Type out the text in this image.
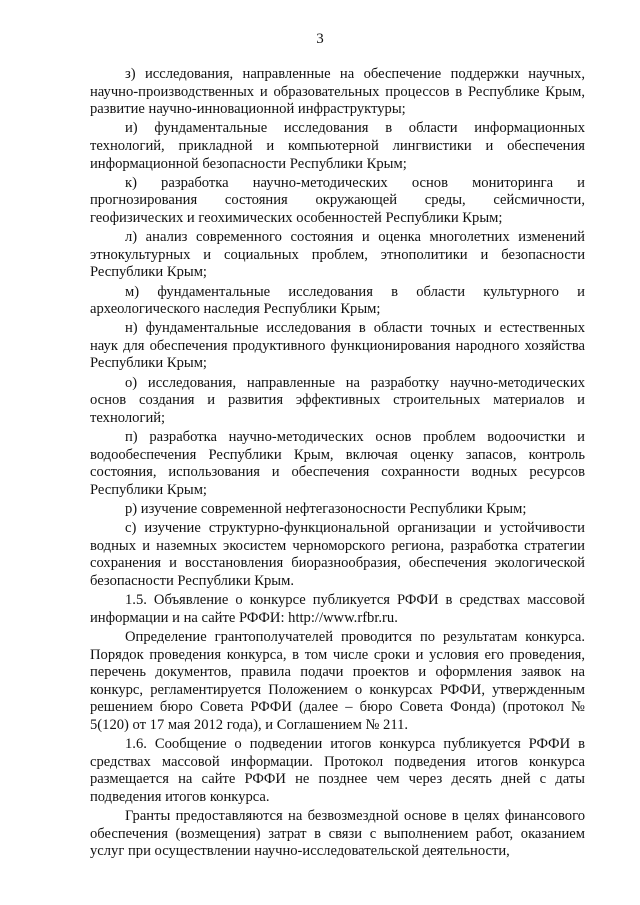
3

з) исследования, направленные на обеспечение поддержки научных, научно-производственных и образовательных процессов в Республике Крым, развитие научно-инновационной инфраструктуры;

и) фундаментальные исследования в области информационных технологий, прикладной и компьютерной лингвистики и обеспечения информационной безопасности Республики Крым;

к) разработка научно-методических основ мониторинга и прогнозирования состояния окружающей среды, сейсмичности, геофизических и геохимических особенностей Республики Крым;

л) анализ современного состояния и оценка многолетних изменений этнокультурных и социальных проблем, этнополитики и безопасности Республики Крым;

м) фундаментальные исследования в области культурного и археологического наследия Республики Крым;

н) фундаментальные исследования в области точных и естественных наук для обеспечения продуктивного функционирования народного хозяйства Республики Крым;

о) исследования, направленные на разработку научно-методических основ создания и развития эффективных строительных материалов и технологий;

п) разработка научно-методических основ проблем водоочистки и водообеспечения Республики Крым, включая оценку запасов, контроль состояния, использования и обеспечения сохранности водных ресурсов Республики Крым;

р) изучение современной нефтегазоносности Республики Крым;

с) изучение структурно-функциональной организации и устойчивости водных и наземных экосистем черноморского региона, разработка стратегии сохранения и восстановления биоразнообразия, обеспечения экологической безопасности Республики Крым.

1.5. Объявление о конкурсе публикуется РФФИ в средствах массовой информации и на сайте РФФИ: http://www.rfbr.ru.

Определение грантополучателей проводится по результатам конкурса. Порядок проведения конкурса, в том числе сроки и условия его проведения, перечень документов, правила подачи проектов и оформления заявок на конкурс, регламентируется Положением о конкурсах РФФИ, утвержденным решением бюро Совета РФФИ (далее – бюро Совета Фонда) (протокол № 5(120) от 17 мая 2012 года), и Соглашением № 211.

1.6. Сообщение о подведении итогов конкурса публикуется РФФИ в средствах массовой информации. Протокол подведения итогов конкурса размещается на сайте РФФИ не позднее чем через десять дней с даты подведения итогов конкурса.

Гранты предоставляются на безвозмездной основе в целях финансового обеспечения (возмещения) затрат в связи с выполнением работ, оказанием услуг при осуществлении научно-исследовательской деятельности,
